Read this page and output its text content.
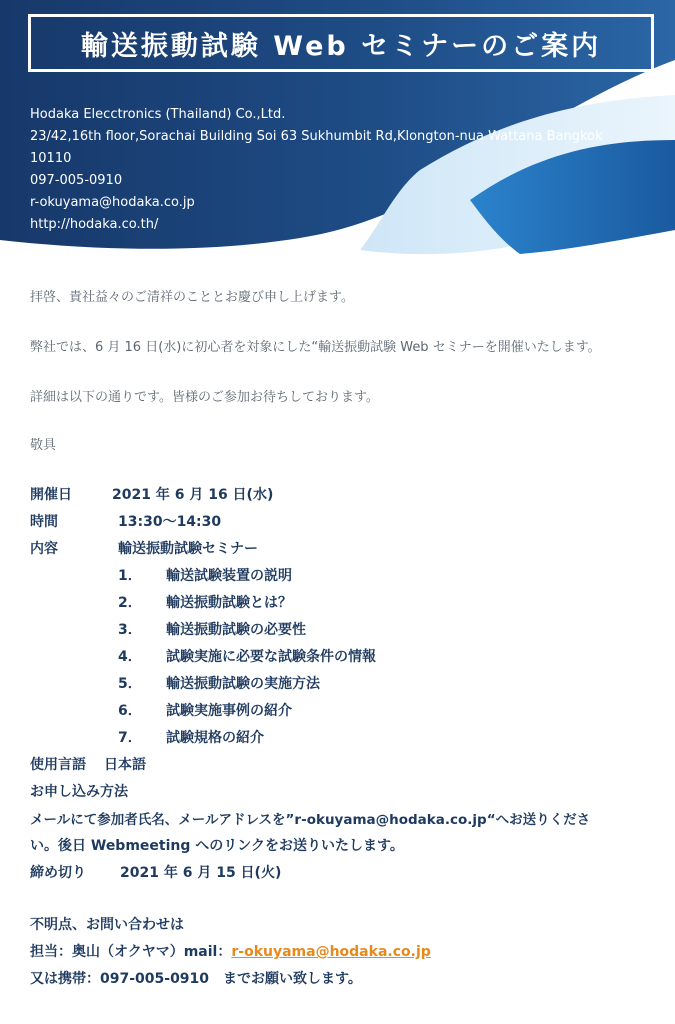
輸送振動試験 Web セミナーのご案内
Hodaka Elecctronics (Thailand) Co.,Ltd.
23/42,16th floor,Sorachai Building Soi 63 Sukhumbit Rd,Klongton-nua Wattana Bangkok
10110
097-005-0910
r-okuyama@hodaka.co.jp
http://hodaka.co.th/

拝啓、貴社益々のご清祥のこととお慶び申し上げます。

弊社では、6 月 16 日(水)に初心者を対象にした“輸送振動試験 Web セミナーを開催いたします。

詳細は以下の通りです。皆様のご参加お待ちしております。

敬具

開催日	2021 年 6 月 16 日(水)
時間	13:30～14:30
内容	輸送振動試験セミナー
1． 輸送試験装置の説明
2． 輸送振動試験とは？
3． 輸送振動試験の必要性
4． 試験実施に必要な試験条件の情報
5． 輸送振動試験の実施方法
6． 試験実施事例の紹介
7． 試験規格の紹介
使用言語 日本語
お申し込み方法
メールにて参加者氏名、メールアドレスを”r-okuyama@hodaka.co.jp“へお送りくださ
い。後日 Webmeeting へのリンクをお送りいたします。
締め切り 2021 年 6 月 15 日(火)
不明点、お問い合わせは
担当：奥山（オクヤマ）mail：r-okuyama@hodaka.co.jp
又は携帯：097-005-0910　までお願い致します。
